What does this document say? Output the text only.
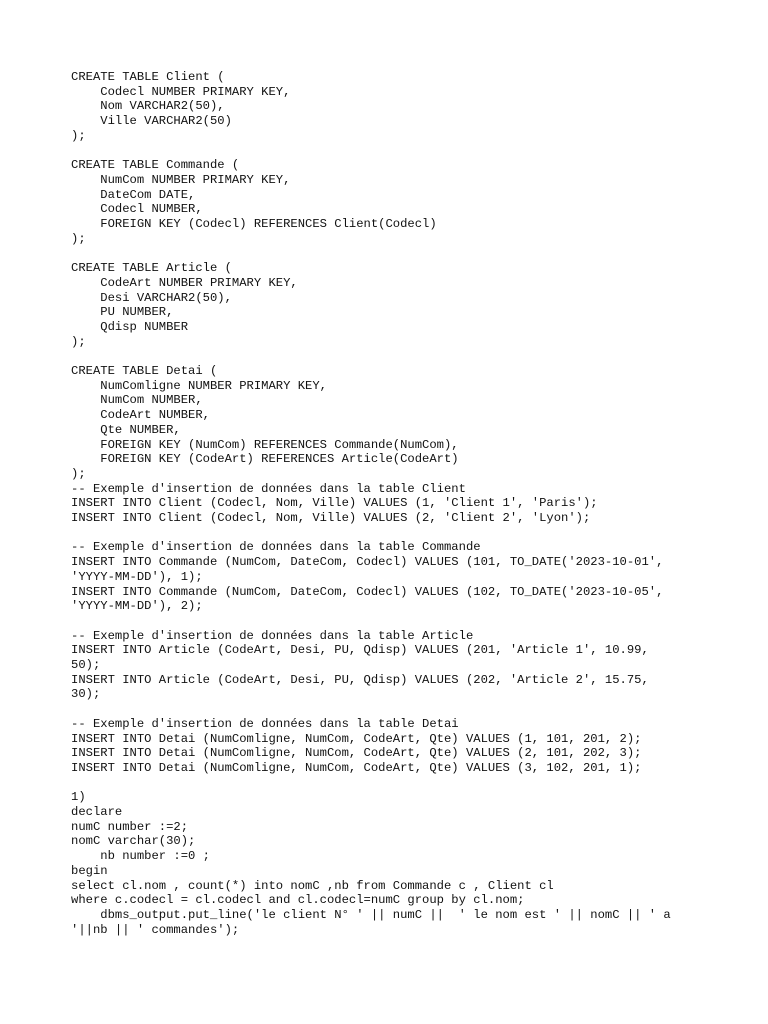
CREATE TABLE Client (
Codecl NUMBER PRIMARY KEY,
Nom VARCHAR2(50),
Ville VARCHAR2(50)
);
CREATE TABLE Commande (
NumCom NUMBER PRIMARY KEY,
DateCom DATE,
Codecl NUMBER,
FOREIGN KEY (Codecl) REFERENCES Client(Codecl)
);
CREATE TABLE Article (
CodeArt NUMBER PRIMARY KEY,
Desi VARCHAR2(50),
PU NUMBER,
Qdisp NUMBER
);
CREATE TABLE Detai (
NumComligne NUMBER PRIMARY KEY,
NumCom NUMBER,
CodeArt NUMBER,
Qte NUMBER,
FOREIGN KEY (NumCom) REFERENCES Commande(NumCom),
FOREIGN KEY (CodeArt) REFERENCES Article(CodeArt)
);
-- Exemple d'insertion de données dans la table Client
INSERT INTO Client (Codecl, Nom, Ville) VALUES (1, 'Client 1', 'Paris');
INSERT INTO Client (Codecl, Nom, Ville) VALUES (2, 'Client 2', 'Lyon');
-- Exemple d'insertion de données dans la table Commande
INSERT INTO Commande (NumCom, DateCom, Codecl) VALUES (101, TO_DATE('2023-10-01',
'YYYY-MM-DD'), 1);
INSERT INTO Commande (NumCom, DateCom, Codecl) VALUES (102, TO_DATE('2023-10-05',
'YYYY-MM-DD'), 2);
-- Exemple d'insertion de données dans la table Article
INSERT INTO Article (CodeArt, Desi, PU, Qdisp) VALUES (201, 'Article 1', 10.99,
50);
INSERT INTO Article (CodeArt, Desi, PU, Qdisp) VALUES (202, 'Article 2', 15.75,
30);
-- Exemple d'insertion de données dans la table Detai
INSERT INTO Detai (NumComligne, NumCom, CodeArt, Qte) VALUES (1, 101, 201, 2);
INSERT INTO Detai (NumComligne, NumCom, CodeArt, Qte) VALUES (2, 101, 202, 3);
INSERT INTO Detai (NumComligne, NumCom, CodeArt, Qte) VALUES (3, 102, 201, 1);
1)
declare
numC number :=2;
nomC varchar(30);
nb number :=0 ;
begin
select cl.nom , count(*) into nomC ,nb from Commande c , Client cl
where c.codecl = cl.codecl and cl.codecl=numC group by cl.nom;
dbms_output.put_line('le client N° ' || numC ||  ' le nom est ' || nomC || ' a
'||nb || ' commandes');
